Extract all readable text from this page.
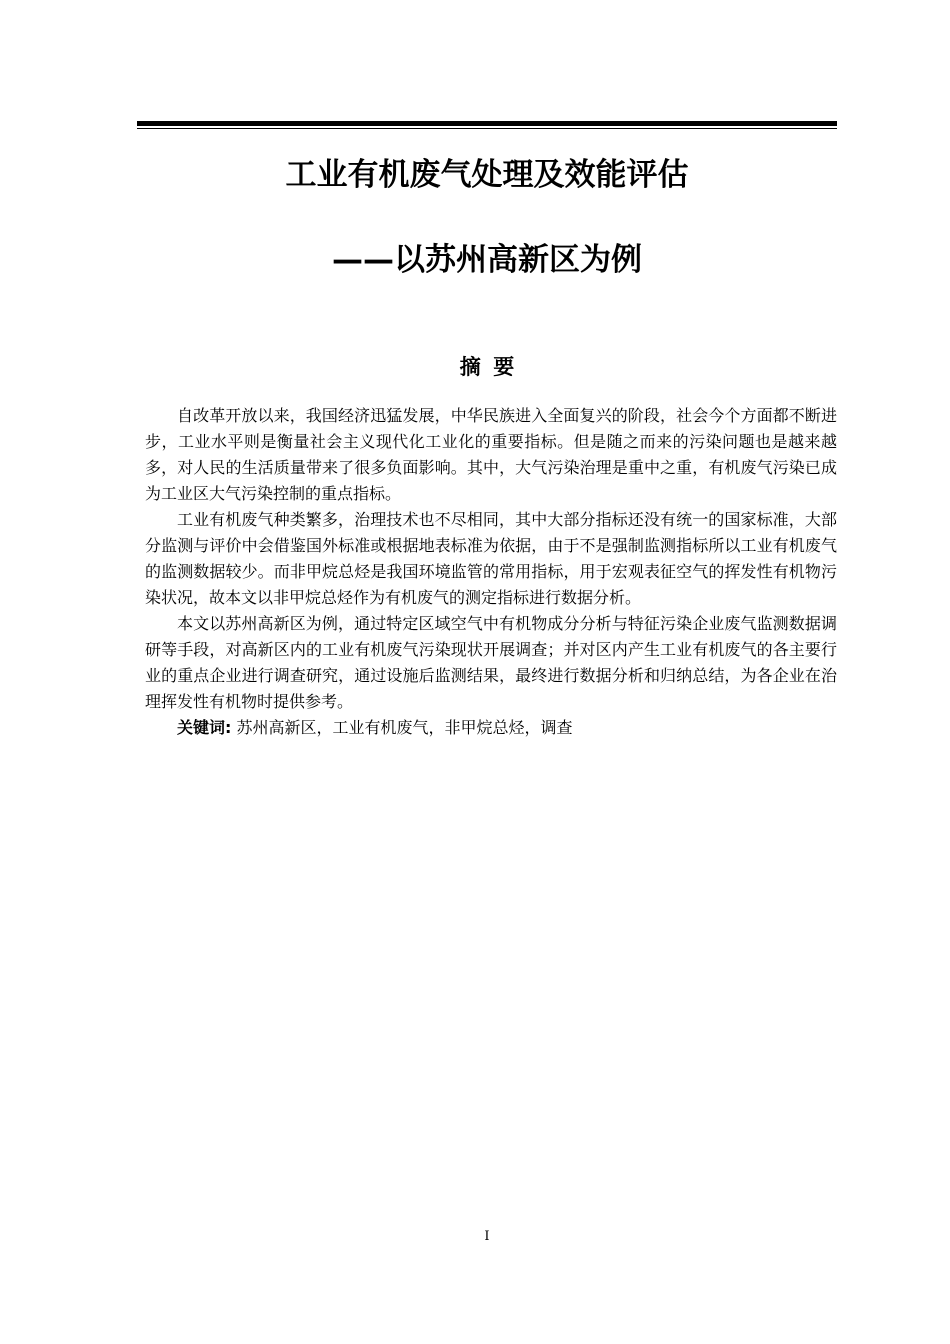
工业有机废气处理及效能评估
——以苏州高新区为例
摘要

自改革开放以来，我国经济迅猛发展，中华民族进入全面复兴的阶段，社会今个方面都不断进步，工业水平则是衡量社会主义现代化工业化的重要指标。但是随之而来的污染问题也是越来越多，对人民的生活质量带来了很多负面影响。其中，大气污染治理是重中之重，有机废气污染已成为工业区大气污染控制的重点指标。

工业有机废气种类繁多，治理技术也不尽相同，其中大部分指标还没有统一的国家标准，大部分监测与评价中会借鉴国外标准或根据地表标准为依据，由于不是强制监测指标所以工业有机废气的监测数据较少。而非甲烷总烃是我国环境监管的常用指标，用于宏观表征空气的挥发性有机物污染状况，故本文以非甲烷总烃作为有机废气的测定指标进行数据分析。

本文以苏州高新区为例，通过特定区域空气中有机物成分分析与特征污染企业废气监测数据调研等手段，对高新区内的工业有机废气污染现状开展调查；并对区内产生工业有机废气的各主要行业的重点企业进行调查研究，通过设施后监测结果，最终进行数据分析和归纳总结，为各企业在治理挥发性有机物时提供参考。

关键词: 苏州高新区，工业有机废气，非甲烷总烃，调查

I
